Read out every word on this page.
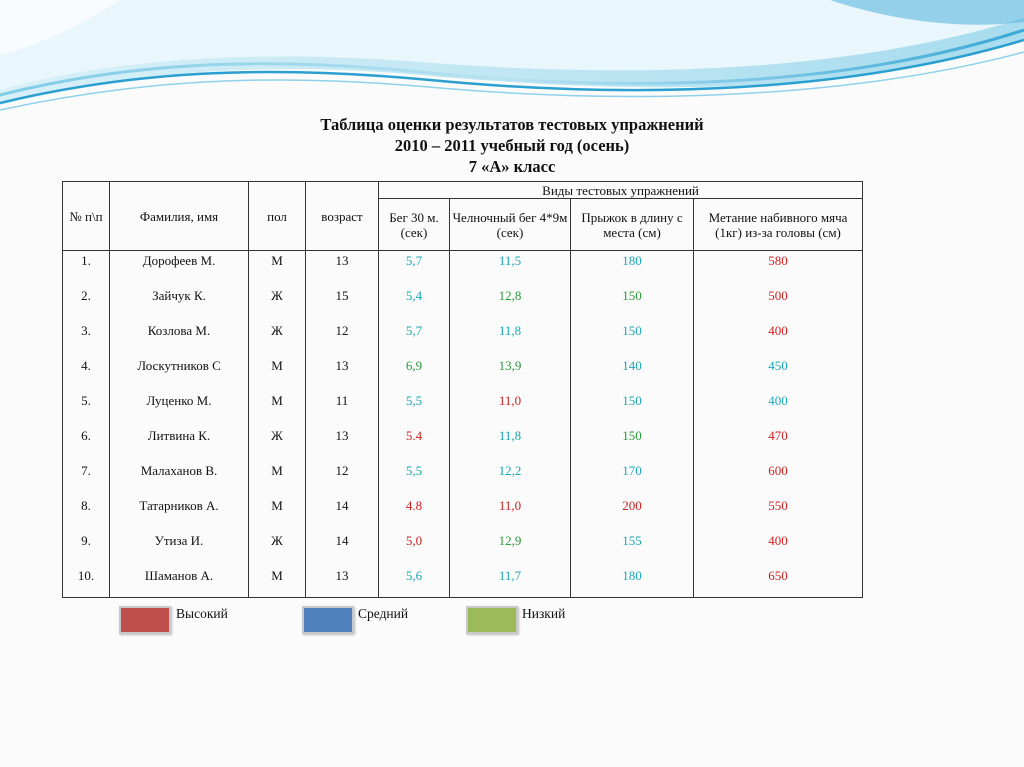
Таблица оценки результатов тестовых упражнений
2010 – 2011 учебный год (осень)
7 «А» класс
№ п\п	Фамилия, имя	пол	возраст	Виды тестовых упражнений			
				Бег 30 м.(сек)	Челночный бег 4*9м (сек)	Прыжок в длину с места (см)	Метание набивного мяча (1кг) из-за головы (см)
1.	Дорофеев М.	М	13	5,7	11,5	180	580
2.	Зайчук К.	Ж	15	5,4	12,8	150	500
3.	Козлова М.	Ж	12	5,7	11,8	150	400
4.	Лоскутников С	М	13	6,9	13,9	140	450
5.	Луценко М.	М	11	5,5	11,0	150	400
6.	Литвина К.	Ж	13	5.4	11,8	150	470
7.	Малаханов В.	М	12	5,5	12,2	170	600
8.	Татарников А.	М	14	4.8	11,0	200	550
9.	Утиза И.	Ж	14	5,0	12,9	155	400
10.	Шаманов А.	М	13	5,6	11,7	180	650
Высокий	Средний	Низкий
